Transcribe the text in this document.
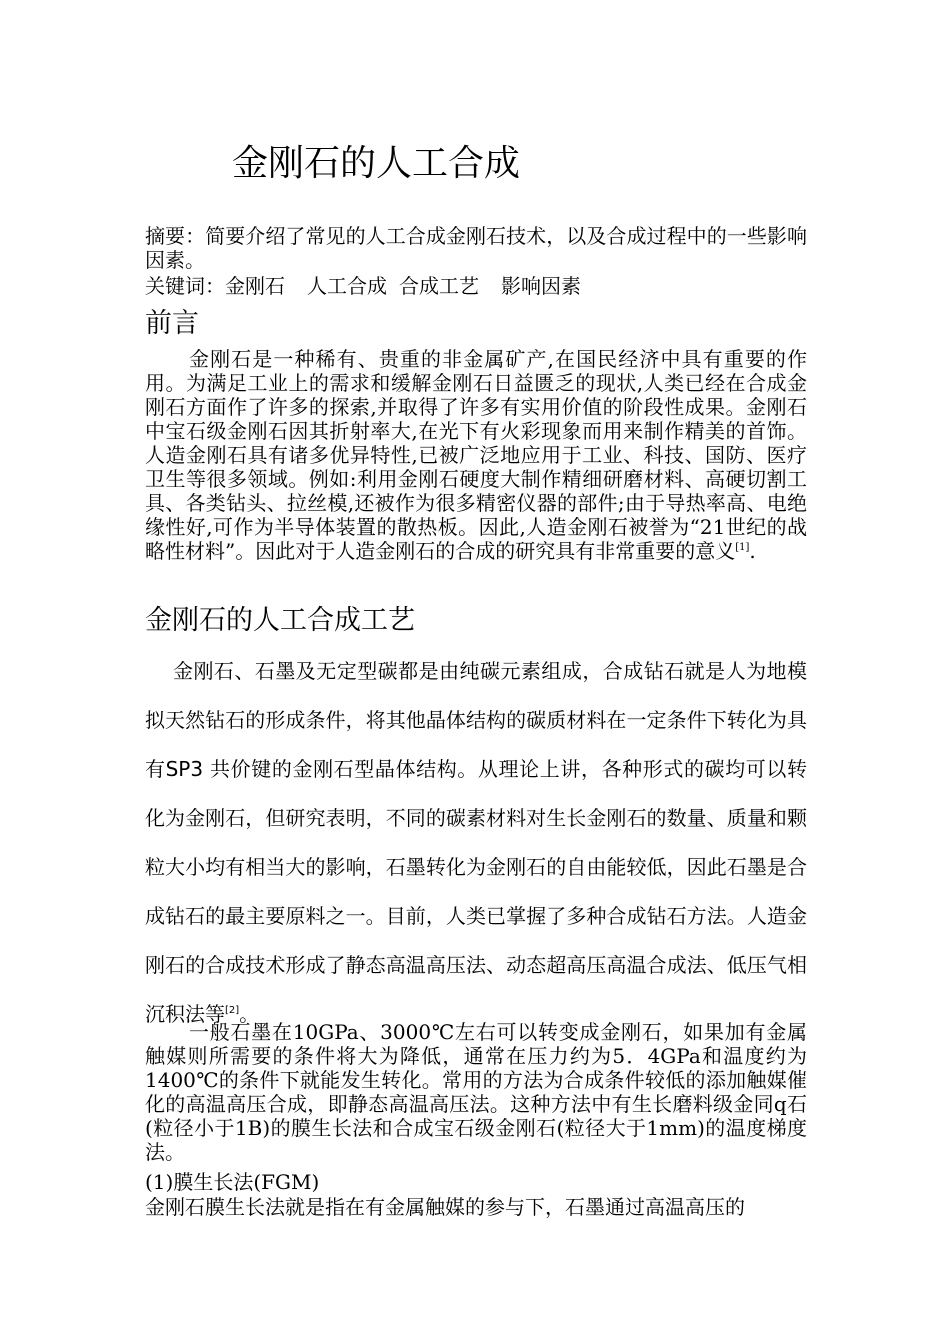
金刚石的人工合成
摘要：简要介绍了常见的人工合成金刚石技术，以及合成过程中的一些影响因素。
关键词：金刚石 人工合成 合成工艺 影响因素
前言
金刚石是一种稀有、贵重的非金属矿产,在国民经济中具有重要的作用。为满足工业上的需求和缓解金刚石日益匮乏的现状,人类已经在合成金刚石方面作了许多的探索,并取得了许多有实用价值的阶段性成果。金刚石中宝石级金刚石因其折射率大,在光下有火彩现象而用来制作精美的首饰。人造金刚石具有诸多优异特性,已被广泛地应用于工业、科技、国防、医疗卫生等很多领域。例如:利用金刚石硬度大制作精细研磨材料、高硬切割工具、各类钻头、拉丝模,还被作为很多精密仪器的部件;由于导热率高、电绝缘性好,可作为半导体装置的散热板。因此,人造金刚石被誉为“21世纪的战略性材料”。因此对于人造金刚石的合成的研究具有非常重要的意义[1].
金刚石的人工合成工艺
金刚石、石墨及无定型碳都是由纯碳元素组成，合成钻石就是人为地模拟天然钻石的形成条件，将其他晶体结构的碳质材料在一定条件下转化为具有SP3 共价键的金刚石型晶体结构。从理论上讲，各种形式的碳均可以转化为金刚石，但研究表明，不同的碳素材料对生长金刚石的数量、质量和颗粒大小均有相当大的影响，石墨转化为金刚石的自由能较低，因此石墨是合成钻石的最主要原料之一。目前，人类已掌握了多种合成钻石方法。人造金刚石的合成技术形成了静态高温高压法、动态超高压高温合成法、低压气相沉积法等[2]。
一般石墨在10GPa、3000℃左右可以转变成金刚石，如果加有金属触媒则所需要的条件将大为降低，通常在压力约为5．4GPa和温度约为1400℃的条件下就能发生转化。常用的方法为合成条件较低的添加触媒催化的高温高压合成，即静态高温高压法。这种方法中有生长磨料级金同q石(粒径小于1B)的膜生长法和合成宝石级金刚石(粒径大于1mm)的温度梯度法。
(1)膜生长法(FGM)
金刚石膜生长法就是指在有金属触媒的参与下，石墨通过高温高压的
